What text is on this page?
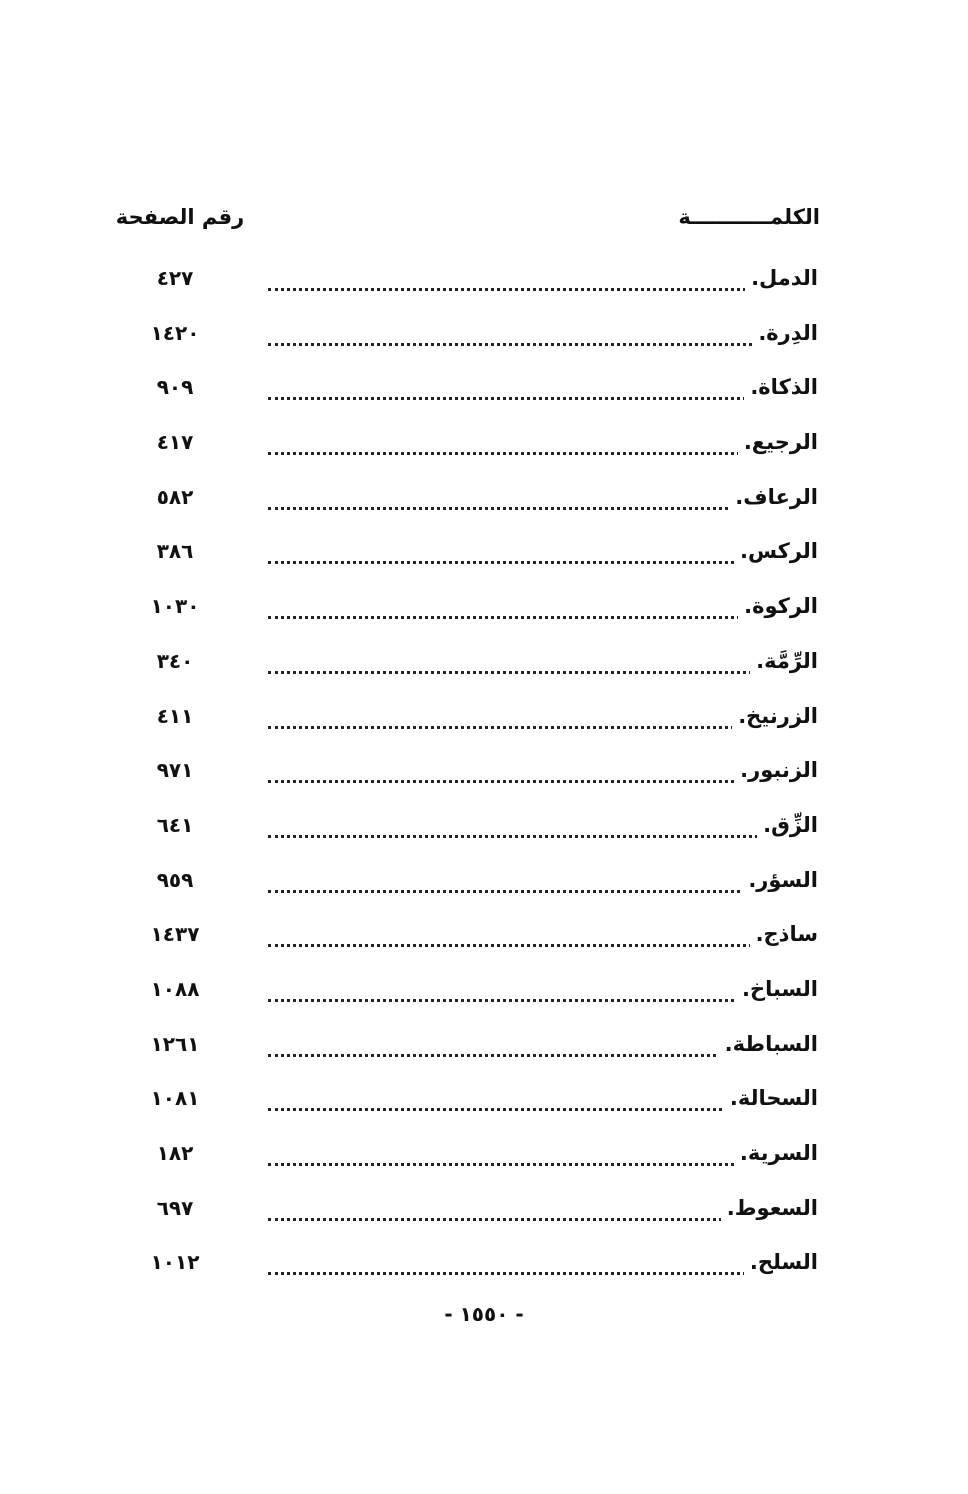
الكلمـــــــــــة
رقم الصفحة
الدمل.
٤٢٧
الدِرة.
١٤٢٠
الذكاة.
٩٠٩
الرجيع.
٤١٧
الرعاف.
٥٨٢
الركس.
٣٨٦
الركوة.
١٠٣٠
الرِّمَّة.
٣٤٠
الزرنيخ.
٤١١
الزنبور.
٩٧١
الزِّق.
٦٤١
السؤر.
٩٥٩
ساذج.
١٤٣٧
السباخ.
١٠٨٨
السباطة.
١٢٦١
السحالة.
١٠٨١
السرية.
١٨٢
السعوط.
٦٩٧
السلح.
١٠١٢
- ١٥٥٠ -
